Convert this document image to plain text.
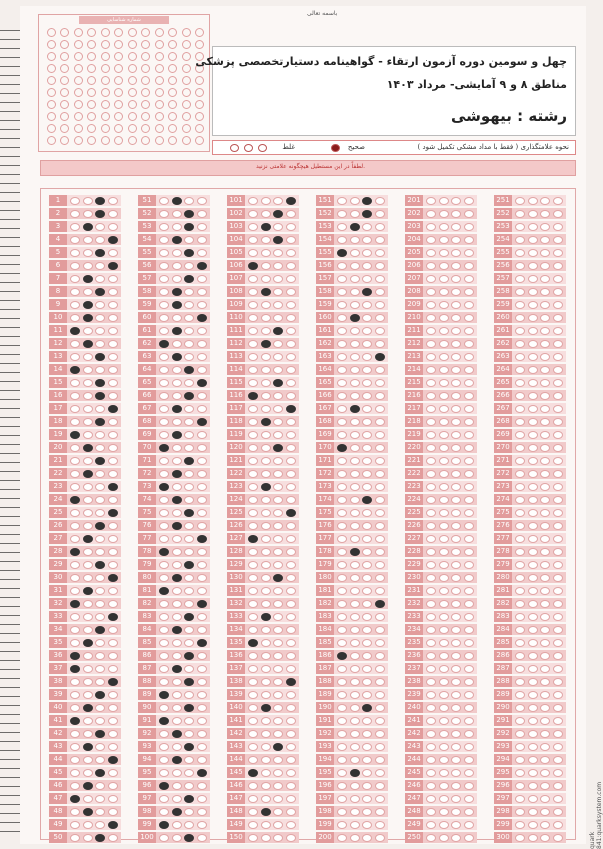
باسمه تعالی
شماره شناسایی
چهل و سومین دوره آزمون ارتقاء - گواهینامه دستیارتخصصی پزشکی
مناطق ۸ و ۹ آمایشی- مرداد ۱۴۰۳
رشته : بیهوشی
نحوه علامتگذاری ( فقط با مداد مشکی تکمیل شود )
صحیح
غلط
لطفاً در این مستطیل هیچگونه علامتی نزنید.
1
2
3
4
5
6
7
8
9
10
11
12
13
14
15
16
17
18
19
20
21
22
23
24
25
26
27
28
29
30
31
32
33
34
35
36
37
38
39
40
41
42
43
44
45
46
47
48
49
50
51
52
53
54
55
56
57
58
59
60
61
62
63
64
65
66
67
68
69
70
71
72
73
74
75
76
77
78
79
80
81
82
83
84
85
86
87
88
89
90
91
92
93
94
95
96
97
98
99
100
101
102
103
104
105
106
107
108
109
110
111
112
113
114
115
116
117
118
119
120
121
122
123
124
125
126
127
128
129
130
131
132
133
134
135
136
137
138
139
140
141
142
143
144
145
146
147
148
149
150
151
152
153
154
155
156
157
158
159
160
161
162
163
164
165
166
167
168
169
170
171
172
173
174
175
176
177
178
179
180
181
182
183
184
185
186
187
188
189
190
191
192
193
194
195
196
197
198
199
200
201
202
203
204
205
206
207
208
209
210
211
212
213
214
215
216
217
218
219
220
221
222
223
224
225
226
227
228
229
230
231
232
233
234
235
236
237
238
239
240
241
242
243
244
245
246
247
248
249
250
251
252
253
254
255
256
257
258
259
260
261
262
263
264
265
266
267
268
269
270
271
272
273
274
275
276
277
278
279
280
281
282
283
284
285
286
287
288
289
290
291
292
293
294
295
296
297
298
299
300	quark 841:quarksystem.com
